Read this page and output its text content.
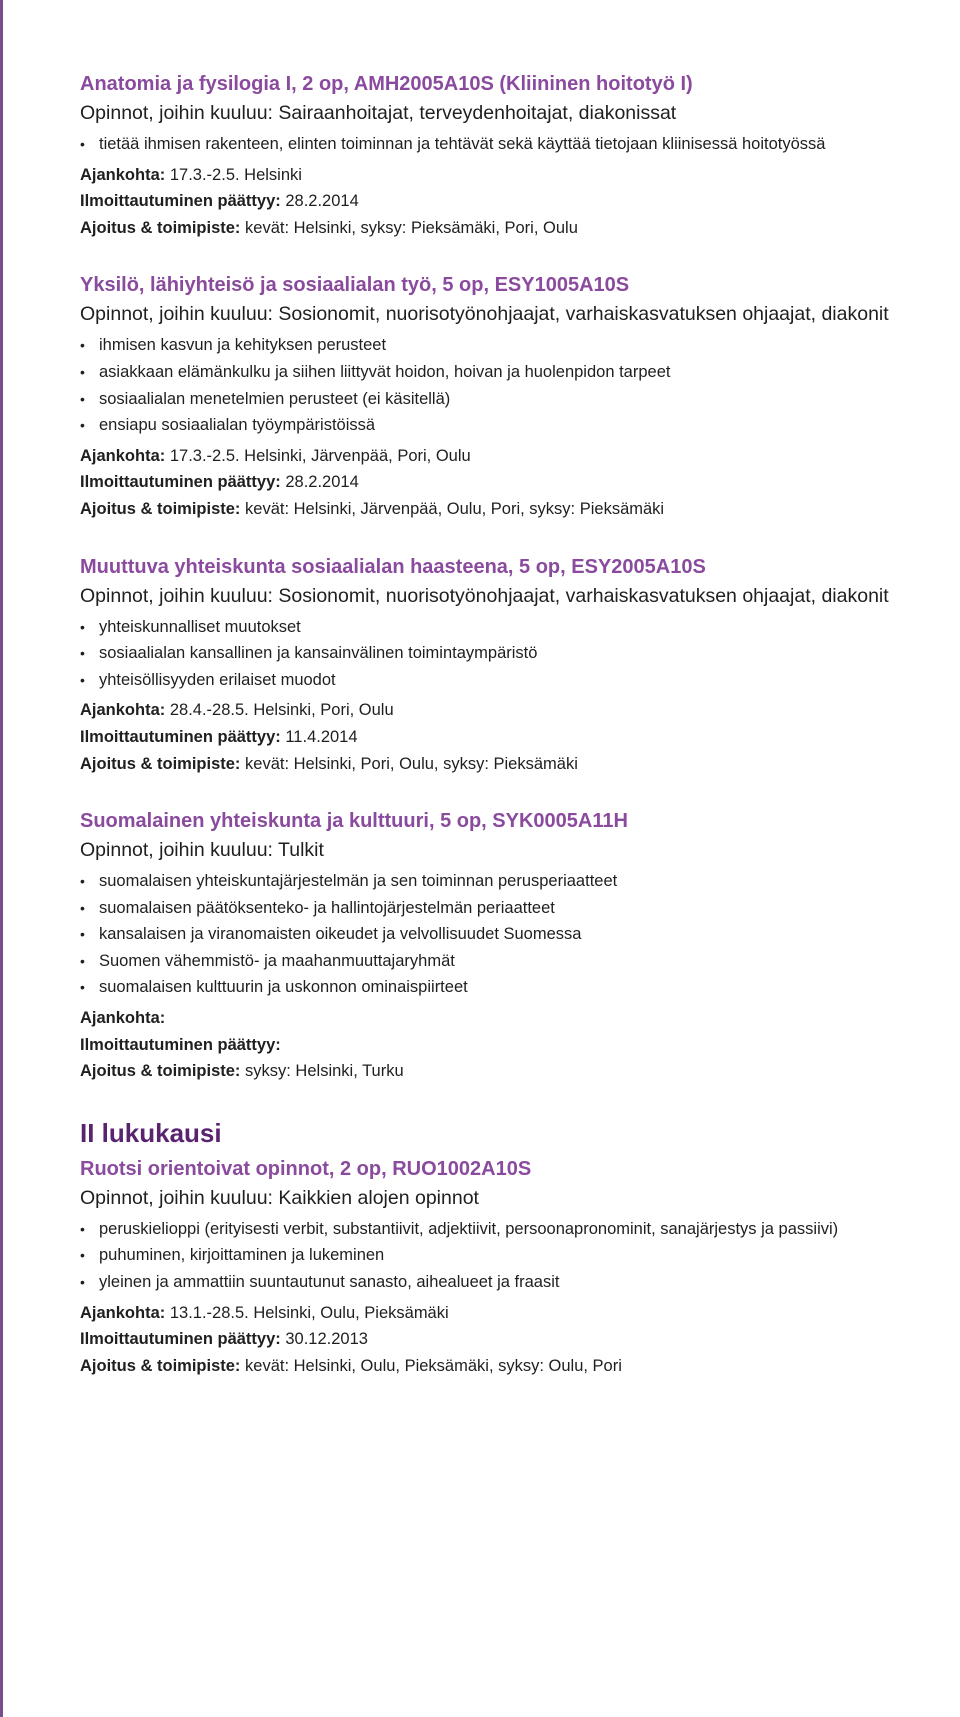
Anatomia ja fysilogia I, 2 op, AMH2005A10S (Kliininen hoitotyö I)
Opinnot, joihin kuuluu: Sairaanhoitajat, terveydenhoitajat, diakonissat
• tietää ihmisen rakenteen, elinten toiminnan ja tehtävät sekä käyttää tietojaan kliinisessä hoitotyössä
Ajankohta: 17.3.-2.5. Helsinki
Ilmoittautuminen päättyy: 28.2.2014
Ajoitus & toimipiste: kevät: Helsinki, syksy: Pieksämäki, Pori, Oulu
Yksilö, lähiyhteisö ja sosiaalialan työ, 5 op, ESY1005A10S
Opinnot, joihin kuuluu: Sosionomit, nuorisotyönohjaajat, varhaiskasvatuksen ohjaajat, diakonit
• ihmisen kasvun ja kehityksen perusteet
• asiakkaan elämänkulku ja siihen liittyvät hoidon, hoivan ja huolenpidon tarpeet
• sosiaalialan menetelmien perusteet (ei käsitellä)
• ensiapu sosiaalialan työympäristöissä
Ajankohta: 17.3.-2.5. Helsinki, Järvenpää, Pori, Oulu
Ilmoittautuminen päättyy: 28.2.2014
Ajoitus & toimipiste: kevät: Helsinki, Järvenpää, Oulu, Pori, syksy: Pieksämäki
Muuttuva yhteiskunta sosiaalialan haasteena, 5 op, ESY2005A10S
Opinnot, joihin kuuluu: Sosionomit, nuorisotyönohjaajat, varhaiskasvatuksen ohjaajat, diakonit
• yhteiskunnalliset muutokset
• sosiaalialan kansallinen ja kansainvälinen toimintaympäristö
• yhteisöllisyyden erilaiset muodot
Ajankohta: 28.4.-28.5. Helsinki, Pori, Oulu
Ilmoittautuminen päättyy: 11.4.2014
Ajoitus & toimipiste: kevät: Helsinki, Pori, Oulu, syksy: Pieksämäki
Suomalainen yhteiskunta ja kulttuuri, 5 op, SYK0005A11H
Opinnot, joihin kuuluu: Tulkit
• suomalaisen yhteiskuntajärjestelmän ja sen toiminnan perusperiaatteet
• suomalaisen päätöksenteko- ja hallintojärjestelmän periaatteet
• kansalaisen ja viranomaisten oikeudet ja velvollisuudet Suomessa
• Suomen vähemmistö- ja maahanmuuttajaryhmät
• suomalaisen kulttuurin ja uskonnon ominaispiirteet
Ajankohta:
Ilmoittautuminen päättyy:
Ajoitus & toimipiste: syksy: Helsinki, Turku
II lukukausi
Ruotsi orientoivat opinnot, 2 op, RUO1002A10S
Opinnot, joihin kuuluu: Kaikkien alojen opinnot
• peruskielioppi (erityisesti verbit, substantiivit, adjektiivit, persoonapronominit, sanajärjestys ja passiivi)
• puhuminen, kirjoittaminen ja lukeminen
• yleinen ja ammattiin suuntautunut sanasto, aihealueet ja fraasit
Ajankohta: 13.1.-28.5. Helsinki, Oulu, Pieksämäki
Ilmoittautuminen päättyy: 30.12.2013
Ajoitus & toimipiste: kevät: Helsinki, Oulu, Pieksämäki, syksy: Oulu, Pori
